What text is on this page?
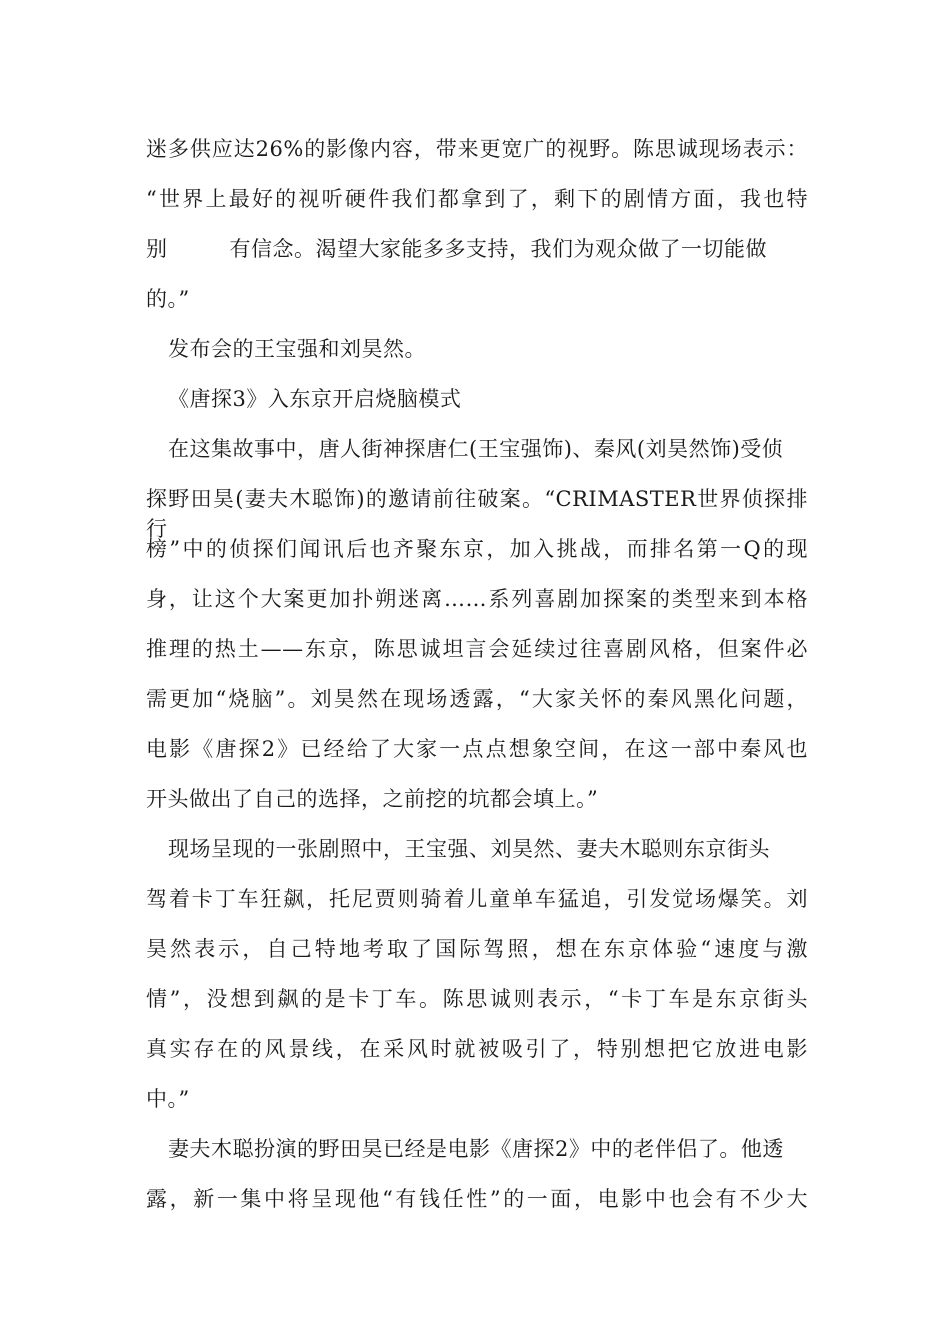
迷多供应达26%的影像内容，带来更宽广的视野。陈思诚现场表示：
“世界上最好的视听硬件我们都拿到了，剩下的剧情方面，我也特
别	有信念。渴望大家能多多支持，我们为观众做了一切能做
的。”
发布会的王宝强和刘昊然。
《唐探3》入东京开启烧脑模式
在这集故事中，唐人街神探唐仁(王宝强饰)、秦风(刘昊然饰)受侦
探野田昊(妻夫木聪饰)的邀请前往破案。“CRIMASTER世界侦探排行
榜”中的侦探们闻讯后也齐聚东京，加入挑战，而排名第一Q的现
身，让这个大案更加扑朔迷离……系列喜剧加探案的类型来到本格
推理的热土——东京，陈思诚坦言会延续过往喜剧风格，但案件必
需更加“烧脑”。刘昊然在现场透露，“大家关怀的秦风黑化问题，
电影《唐探2》已经给了大家一点点想象空间，在这一部中秦风也
开头做出了自己的选择，之前挖的坑都会填上。”
现场呈现的一张剧照中，王宝强、刘昊然、妻夫木聪则东京街头
驾着卡丁车狂飙，托尼贾则骑着儿童单车猛追，引发觉场爆笑。刘
昊然表示，自己特地考取了国际驾照，想在东京体验“速度与激
情”，没想到飙的是卡丁车。陈思诚则表示，“卡丁车是东京街头
真实存在的风景线，在采风时就被吸引了，特别想把它放进电影
中。”
妻夫木聪扮演的野田昊已经是电影《唐探2》中的老伴侣了。他透
露，新一集中将呈现他“有钱任性”的一面，电影中也会有不少大
